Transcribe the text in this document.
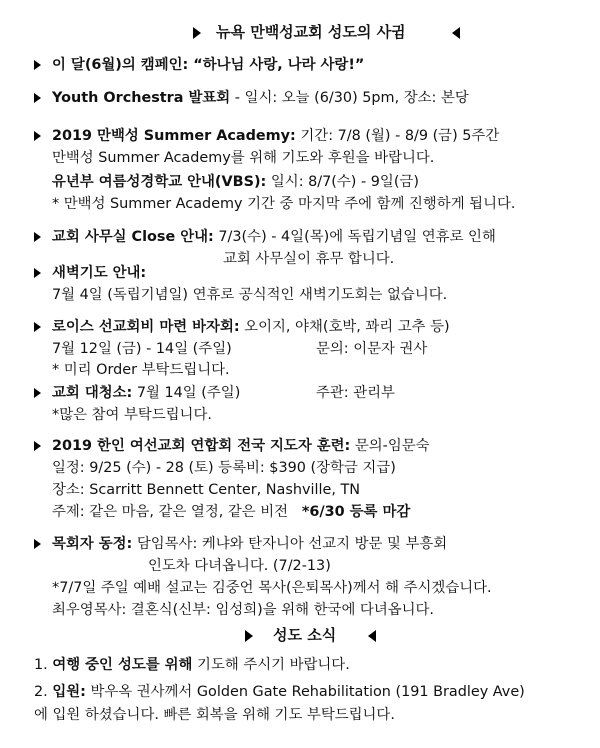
뉴욕 만백성교회 성도의 사귐
이 달(6월)의 캠페인: “하나님 사랑, 나라 사랑!”
Youth Orchestra 발표회 - 일시: 오늘 (6/30) 5pm, 장소: 본당
2019 만백성 Summer Academy: 기간: 7/8 (월) - 8/9 (금) 5주간
만백성 Summer Academy를 위해 기도와 후원을 바랍니다.
유년부 여름성경학교 안내(VBS): 일시: 8/7(수) - 9일(금)
* 만백성 Summer Academy 기간 중 마지막 주에 함께 진행하게 됩니다.
교회 사무실 Close 안내: 7/3(수) - 4일(목)에 독립기념일 연휴로 인해
교회 사무실이 휴무 합니다.
새벽기도 안내:
7월 4일 (독립기념일) 연휴로 공식적인 새벽기도회는 없습니다.
로이스 선교회비 마련 바자회: 오이지, 야채(호박, 꽈리 고추 등)
7월 12일 (금) - 14일 (주일)	문의: 이문자 권사
* 미리 Order 부탁드립니다.
교회 대청소: 7월 14일 (주일)	주관: 관리부
*많은 참여 부탁드립니다.
2019 한인 여선교회 연합회 전국 지도자 훈련: 문의-임문숙
일정: 9/25 (수) - 28 (토) 등록비: $390 (장학금 지급)
장소: Scarritt Bennett Center, Nashville, TN
주제: 같은 마음, 같은 열정, 같은 비전 *6/30 등록 마감
목회자 동정: 담임목사: 케냐와 탄자니아 선교지 방문 및 부흥회
인도차 다녀옵니다. (7/2-13)
*7/7일 주일 예배 설교는 김중언 목사(은퇴목사)께서 해 주시겠습니다.
최우영목사: 결혼식(신부: 임성희)을 위해 한국에 다녀옵니다.
성도 소식
1. 여행 중인 성도를 위해 기도해 주시기 바랍니다.
2. 입원: 박우옥 권사께서 Golden Gate Rehabilitation (191 Bradley Ave)
에 입원 하셨습니다. 빠른 회복을 위해 기도 부탁드립니다.
